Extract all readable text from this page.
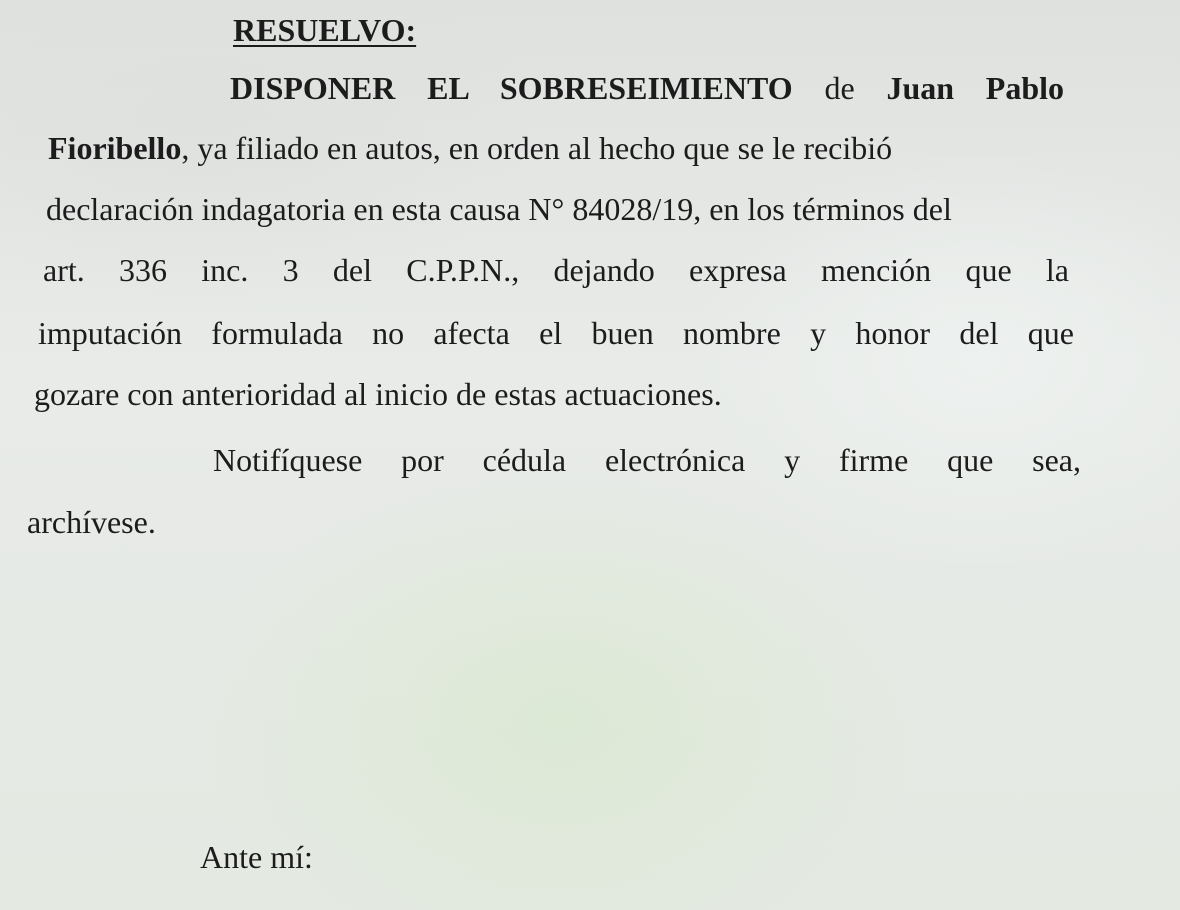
RESUELVO:

DISPONER EL SOBRESEIMIENTO de Juan Pablo

Fioribello, ya filiado en autos, en orden al hecho que se le recibió

declaración indagatoria en esta causa N° 84028/19, en los términos del

art. 336 inc. 3 del C.P.P.N., dejando expresa mención que la

imputación formulada no afecta el buen nombre y honor del que

gozare con anterioridad al inicio de estas actuaciones.

Notifíquese por cédula electrónica y firme que sea,

archívese.

Ante mí:
